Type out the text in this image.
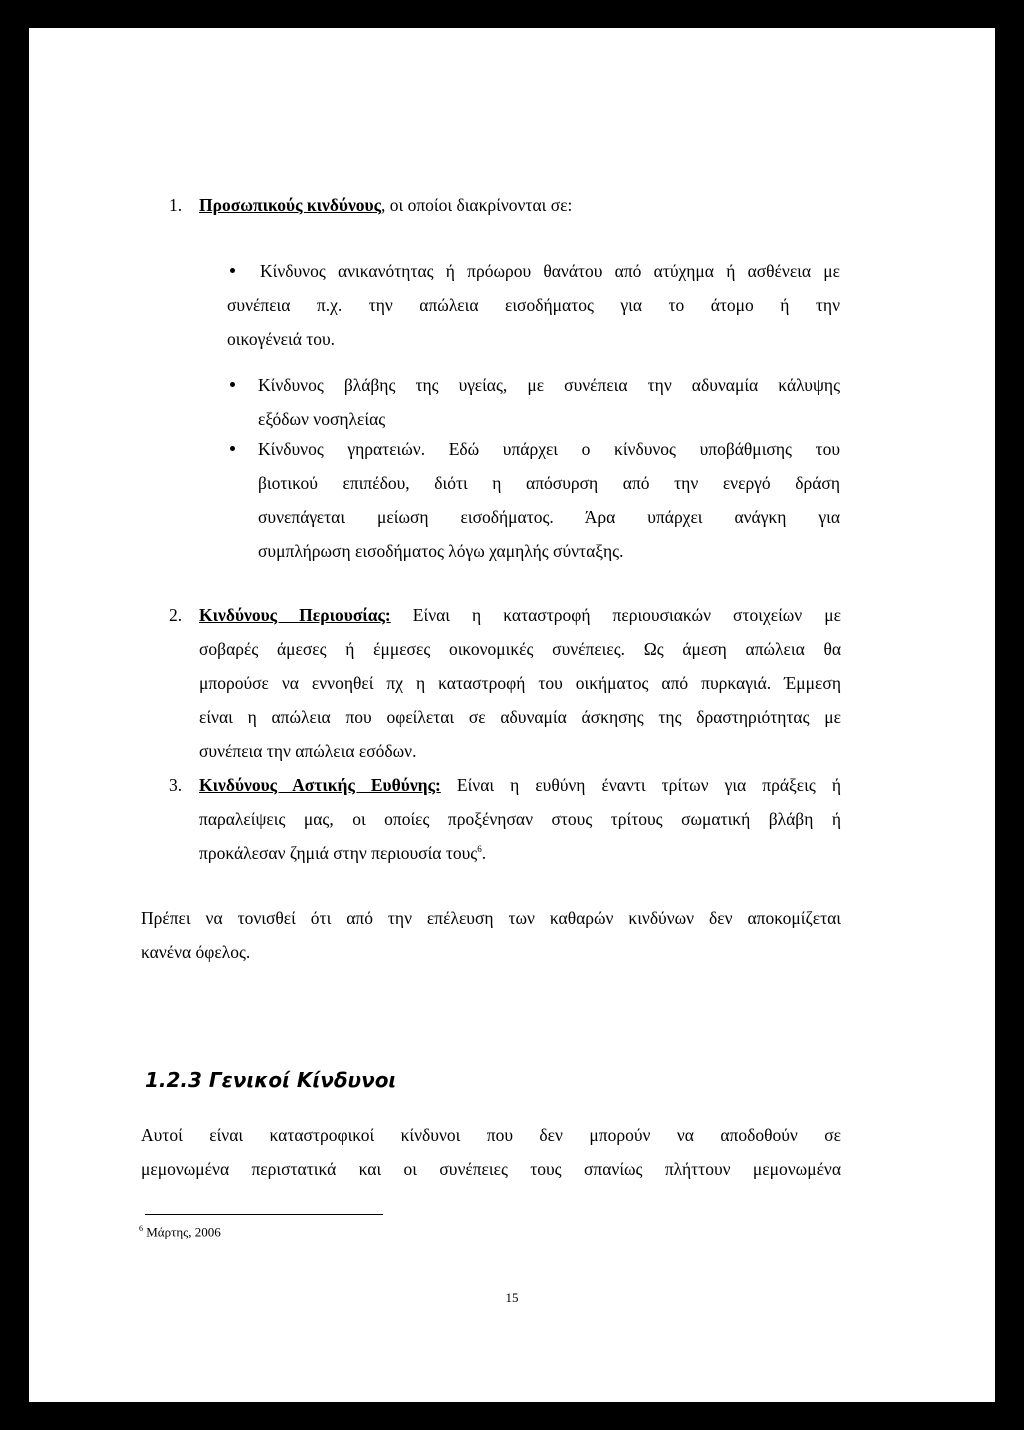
1. Προσωπικούς κινδύνους, οι οποίοι διακρίνονται σε:
Κίνδυνος ανικανότητας ή πρόωρου θανάτου από ατύχημα ή ασθένεια με
συνέπεια π.χ. την απώλεια εισοδήματος για το άτομο ή την
οικογένειά του.
Κίνδυνος βλάβης της υγείας, με συνέπεια την αδυναμία κάλυψης
εξόδων νοσηλείας
Κίνδυνος γηρατειών. Εδώ υπάρχει ο κίνδυνος υποβάθμισης του
βιοτικού επιπέδου, διότι η απόσυρση από την ενεργό δράση
συνεπάγεται μείωση εισοδήματος. Άρα υπάρχει ανάγκη για
συμπλήρωση εισοδήματος λόγω χαμηλής σύνταξης.
2. Κινδύνους Περιουσίας: Είναι η καταστροφή περιουσιακών στοιχείων με
σοβαρές άμεσες ή έμμεσες οικονομικές συνέπειες. Ως άμεση απώλεια θα
μπορούσε να εννοηθεί πχ η καταστροφή του οικήματος από πυρκαγιά. Έμμεση
είναι η απώλεια που οφείλεται σε αδυναμία άσκησης της δραστηριότητας με
συνέπεια την απώλεια εσόδων.
3. Κινδύνους Αστικής Ευθύνης: Είναι η ευθύνη έναντι τρίτων για πράξεις ή
παραλείψεις μας, οι οποίες προξένησαν στους τρίτους σωματική βλάβη ή
προκάλεσαν ζημιά στην περιουσία τους$^6$.
Πρέπει να τονισθεί ότι από την επέλευση των καθαρών κινδύνων δεν αποκομίζεται
κανένα όφελος.
1.2.3 Γενικοί Κίνδυνοι
Αυτοί είναι καταστροφικοί κίνδυνοι που δεν μπορούν να αποδοθούν σε
μεμονωμένα περιστατικά και οι συνέπειες τους σπανίως πλήττουν μεμονωμένα
$^6$ Μάρτης, 2006
15
